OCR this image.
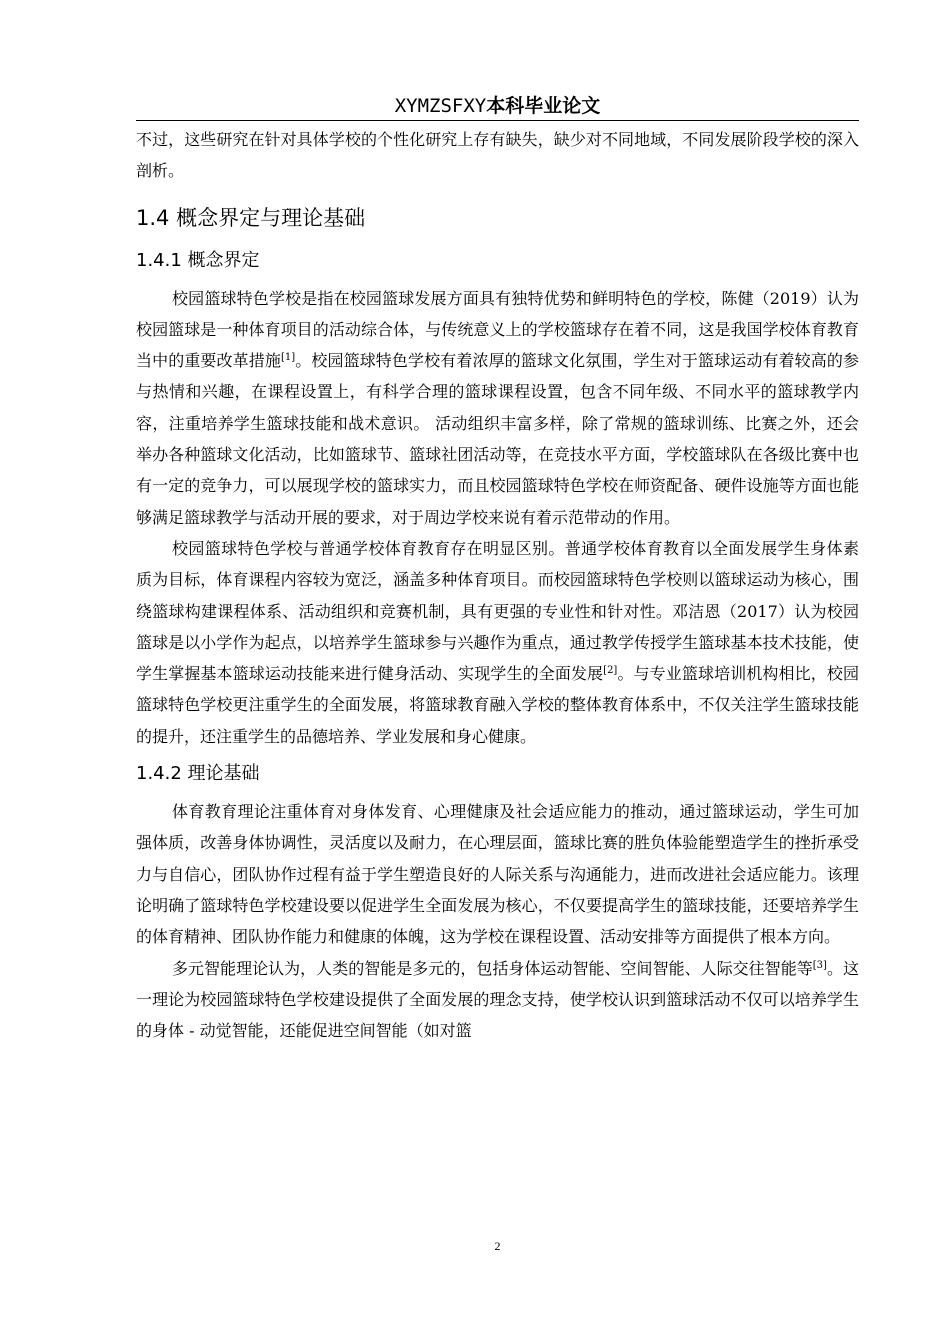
XYMZSFXY本科毕业论文

不过，这些研究在针对具体学校的个性化研究上存有缺失，缺少对不同地域，不同发展阶段学校的深入剖析。

1.4 概念界定与理论基础
1.4.1 概念界定

校园篮球特色学校是指在校园篮球发展方面具有独特优势和鲜明特色的学校，陈健（2019）认为校园篮球是一种体育项目的活动综合体，与传统意义上的学校篮球存在着不同，这是我国学校体育教育当中的重要改革措施[1]。校园篮球特色学校有着浓厚的篮球文化氛围，学生对于篮球运动有着较高的参与热情和兴趣，在课程设置上，有科学合理的篮球课程设置，包含不同年级、不同水平的篮球教学内容，注重培养学生篮球技能和战术意识。 活动组织丰富多样，除了常规的篮球训练、比赛之外，还会举办各种篮球文化活动，比如篮球节、篮球社团活动等，在竞技水平方面，学校篮球队在各级比赛中也有一定的竞争力，可以展现学校的篮球实力，而且校园篮球特色学校在师资配备、硬件设施等方面也能够满足篮球教学与活动开展的要求，对于周边学校来说有着示范带动的作用。

校园篮球特色学校与普通学校体育教育存在明显区别。普通学校体育教育以全面发展学生身体素质为目标，体育课程内容较为宽泛，涵盖多种体育项目。而校园篮球特色学校则以篮球运动为核心，围绕篮球构建课程体系、活动组织和竞赛机制，具有更强的专业性和针对性。邓洁恩（2017）认为校园篮球是以小学作为起点，以培养学生篮球参与兴趣作为重点，通过教学传授学生篮球基本技术技能，使学生掌握基本篮球运动技能来进行健身活动、实现学生的全面发展[2]。与专业篮球培训机构相比，校园篮球特色学校更注重学生的全面发展，将篮球教育融入学校的整体教育体系中，不仅关注学生篮球技能的提升，还注重学生的品德培养、学业发展和身心健康。

1.4.2 理论基础

体育教育理论注重体育对身体发育、心理健康及社会适应能力的推动，通过篮球运动，学生可加强体质，改善身体协调性，灵活度以及耐力，在心理层面，篮球比赛的胜负体验能塑造学生的挫折承受力与自信心，团队协作过程有益于学生塑造良好的人际关系与沟通能力，进而改进社会适应能力。该理论明确了篮球特色学校建设要以促进学生全面发展为核心，不仅要提高学生的篮球技能，还要培养学生的体育精神、团队协作能力和健康的体魄，这为学校在课程设置、活动安排等方面提供了根本方向。

多元智能理论认为，人类的智能是多元的，包括身体运动智能、空间智能、人际交往智能等[3]。这一理论为校园篮球特色学校建设提供了全面发展的理念支持，使学校认识到篮球活动不仅可以培养学生的身体 - 动觉智能，还能促进空间智能（如对篮

2
